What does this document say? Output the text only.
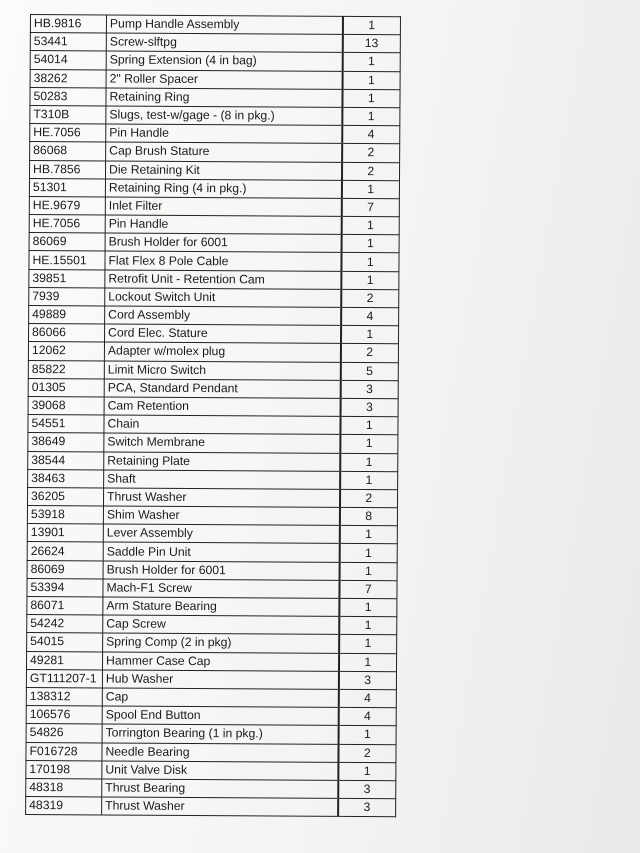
HB.9816	Pump Handle Assembly	1
53441	Screw-slftpg	13
54014	Spring Extension (4 in bag)	1
38262	2" Roller Spacer	1
50283	Retaining Ring	1
T310B	Slugs, test-w/gage - (8 in pkg.)	1
HE.7056	Pin Handle	4
86068	Cap Brush Stature	2
HB.7856	Die Retaining Kit	2
51301	Retaining Ring (4 in pkg.)	1
HE.9679	Inlet Filter	7
HE.7056	Pin Handle	1
86069	Brush Holder for 6001	1
HE.15501	Flat Flex 8 Pole Cable	1
39851	Retrofit Unit - Retention Cam	1
7939	Lockout Switch Unit	2
49889	Cord Assembly	4
86066	Cord Elec. Stature	1
12062	Adapter w/molex plug	2
85822	Limit Micro Switch	5
01305	PCA, Standard Pendant	3
39068	Cam Retention	3
54551	Chain	1
38649	Switch Membrane	1
38544	Retaining Plate	1
38463	Shaft	1
36205	Thrust Washer	2
53918	Shim Washer	8
13901	Lever Assembly	1
26624	Saddle Pin Unit	1
86069	Brush Holder for 6001	1
53394	Mach-F1 Screw	7
86071	Arm Stature Bearing	1
54242	Cap Screw	1
54015	Spring Comp (2 in pkg)	1
49281	Hammer Case Cap	1
GT111207-1	Hub Washer	3
138312	Cap	4
106576	Spool End Button	4
54826	Torrington Bearing (1 in pkg.)	1
F016728	Needle Bearing	2
170198	Unit Valve Disk	1
48318	Thrust Bearing	3
48319	Thrust Washer	3
